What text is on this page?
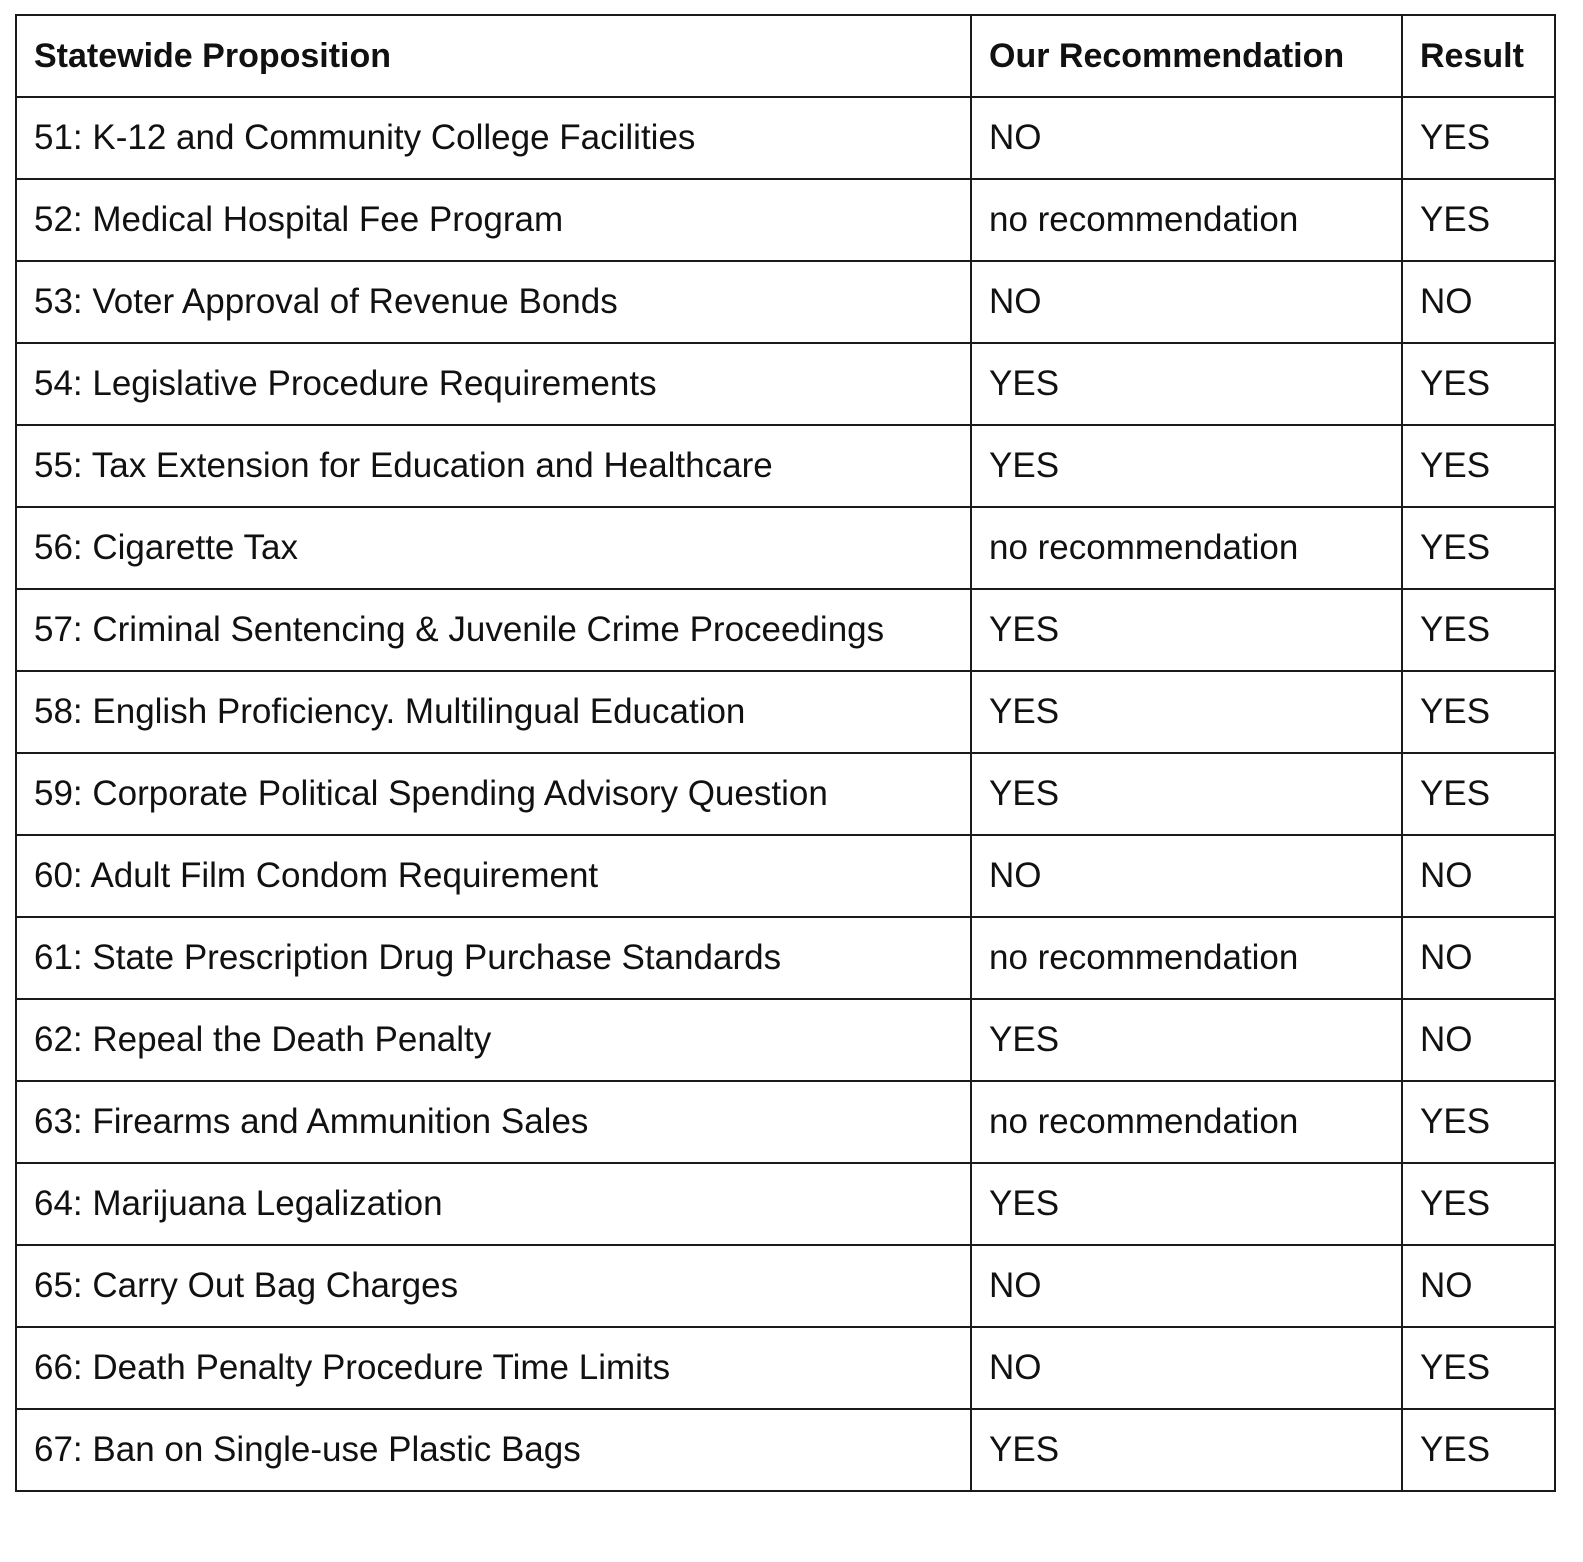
Statewide Proposition	Our Recommendation	Result
51: K-12 and Community College Facilities	NO	YES
52: Medical Hospital Fee Program	no recommendation	YES
53: Voter Approval of Revenue Bonds	NO	NO
54: Legislative Procedure Requirements	YES	YES
55: Tax Extension for Education and Healthcare	YES	YES
56: Cigarette Tax	no recommendation	YES
57: Criminal Sentencing & Juvenile Crime Proceedings	YES	YES
58: English Proficiency. Multilingual Education	YES	YES
59: Corporate Political Spending Advisory Question	YES	YES
60: Adult Film Condom Requirement	NO	NO
61: State Prescription Drug Purchase Standards	no recommendation	NO
62: Repeal the Death Penalty	YES	NO
63: Firearms and Ammunition Sales	no recommendation	YES
64: Marijuana Legalization	YES	YES
65: Carry Out Bag Charges	NO	NO
66: Death Penalty Procedure Time Limits	NO	YES
67: Ban on Single-use Plastic Bags	YES	YES
